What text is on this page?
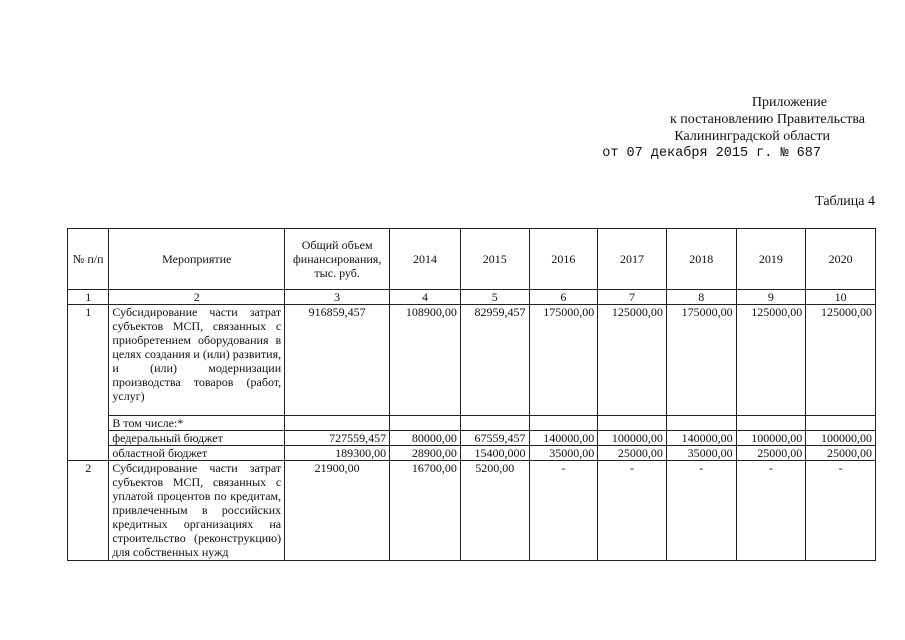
Приложение
к постановлению Правительства
Калининградской области
от 07 декабря 2015 г. № 687
Таблица 4
№ п/п	Мероприятие	Общий объем финансирования, тыс. руб.	2014	2015	2016	2017	2018	2019	2020
1	2	3	4	5	6	7	8	9	10
1	Субсидирование части затрат субъектов МСП, связанных с приобретением оборудования в целях создания и (или) развития, и (или) модернизации производства товаров (работ, услуг)	916859,457	108900,00	82959,457	175000,00	125000,00	175000,00	125000,00	125000,00
	В том числе:*								
	федеральный бюджет	727559,457	80000,00	67559,457	140000,00	100000,00	140000,00	100000,00	100000,00
	областной бюджет	189300,00	28900,00	15400,000	35000,00	25000,00	35000,00	25000,00	25000,00
2	Субсидирование части затрат субъектов МСП, связанных с уплатой процентов по кредитам, привлеченным в российских кредитных организациях на строительство (реконструкцию) для собственных нужд	21900,00	16700,00	5200,00	-	-	-	-	-
